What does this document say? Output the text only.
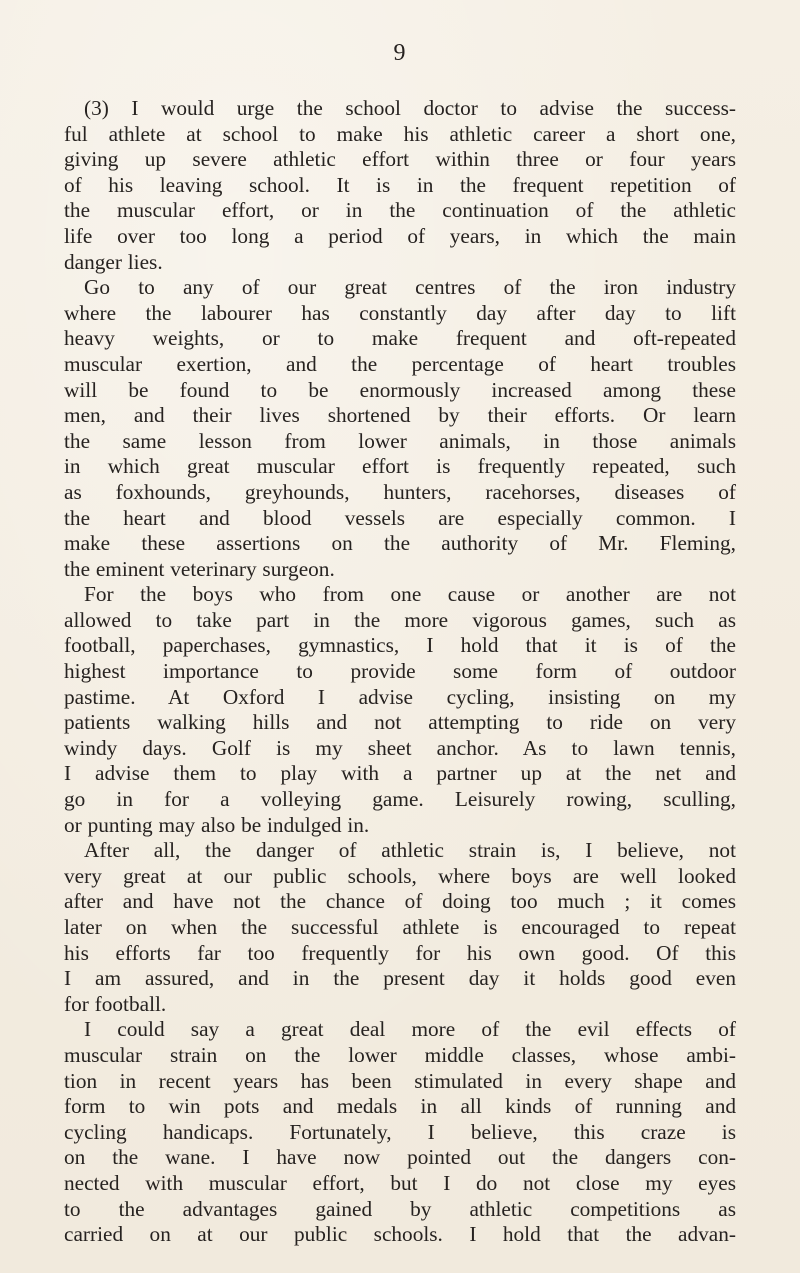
9
(3) I would urge the school doctor to advise the success-
ful athlete at school to make his athletic career a short one,
giving up severe athletic effort within three or four years
of his leaving school. It is in the frequent repetition of
the muscular effort, or in the continuation of the athletic
life over too long a period of years, in which the main
danger lies.
Go to any of our great centres of the iron industry
where the labourer has constantly day after day to lift
heavy weights, or to make frequent and oft-repeated
muscular exertion, and the percentage of heart troubles
will be found to be enormously increased among these
men, and their lives shortened by their efforts. Or learn
the same lesson from lower animals, in those animals
in which great muscular effort is frequently repeated, such
as foxhounds, greyhounds, hunters, racehorses, diseases of
the heart and blood vessels are especially common. I
make these assertions on the authority of Mr. Fleming,
the eminent veterinary surgeon.
For the boys who from one cause or another are not
allowed to take part in the more vigorous games, such as
football, paperchases, gymnastics, I hold that it is of the
highest importance to provide some form of outdoor
pastime. At Oxford I advise cycling, insisting on my
patients walking hills and not attempting to ride on very
windy days. Golf is my sheet anchor. As to lawn tennis,
I advise them to play with a partner up at the net and
go in for a volleying game. Leisurely rowing, sculling,
or punting may also be indulged in.
After all, the danger of athletic strain is, I believe, not
very great at our public schools, where boys are well looked
after and have not the chance of doing too much ; it comes
later on when the successful athlete is encouraged to repeat
his efforts far too frequently for his own good. Of this
I am assured, and in the present day it holds good even
for football.
I could say a great deal more of the evil effects of
muscular strain on the lower middle classes, whose ambi-
tion in recent years has been stimulated in every shape and
form to win pots and medals in all kinds of running and
cycling handicaps. Fortunately, I believe, this craze is
on the wane. I have now pointed out the dangers con-
nected with muscular effort, but I do not close my eyes
to the advantages gained by athletic competitions as
carried on at our public schools. I hold that the advan-
